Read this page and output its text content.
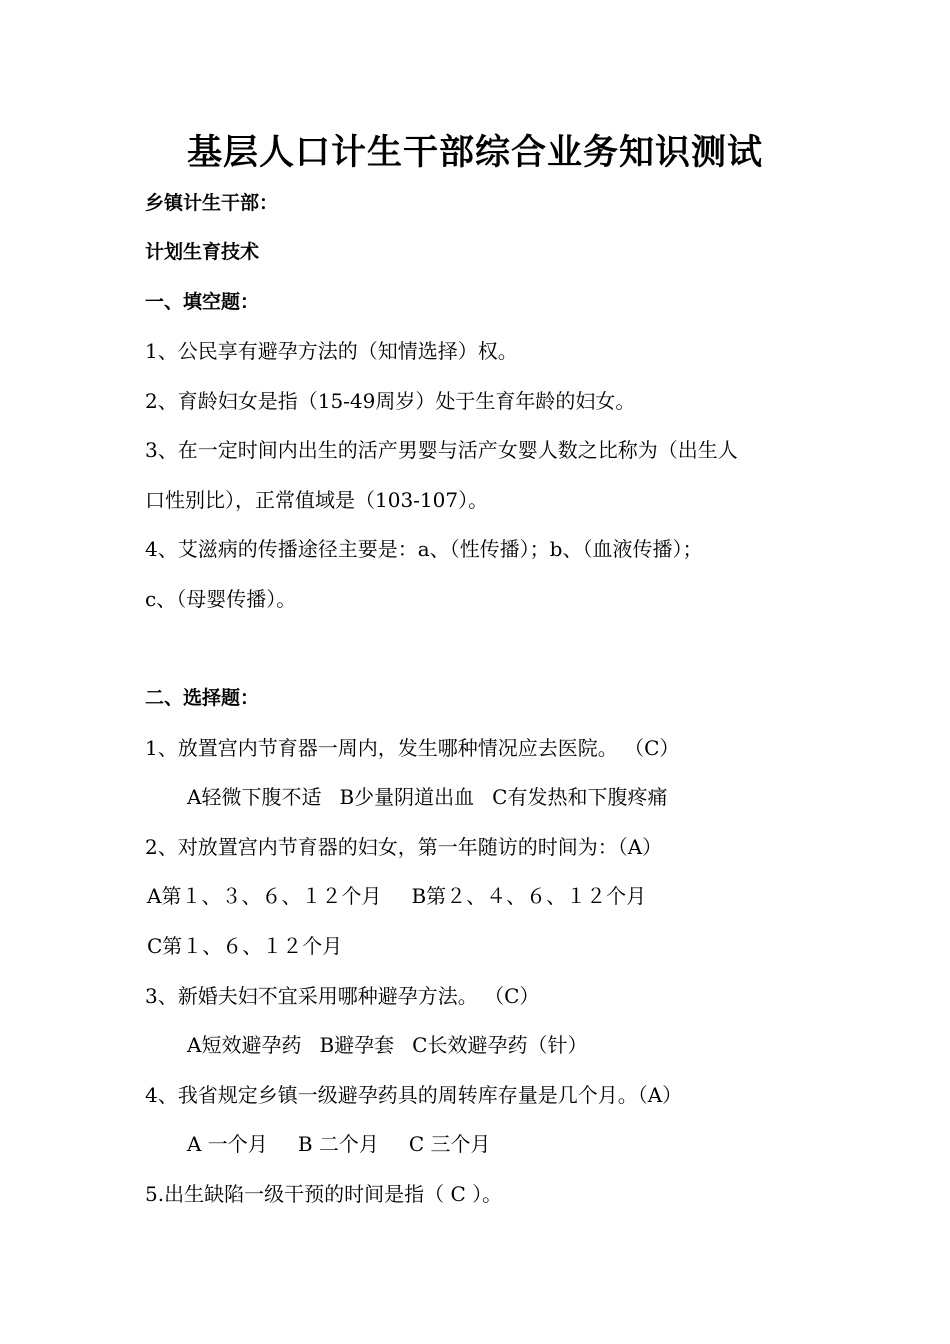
基层人口计生干部综合业务知识测试
乡镇计生干部：
计划生育技术
一、填空题：
1、公民享有避孕方法的（知情选择）权。
2、育龄妇女是指（15-49周岁）处于生育年龄的妇女。
3、在一定时间内出生的活产男婴与活产女婴人数之比称为（出生人
口性别比），正常值域是（103-107）。
4、艾滋病的传播途径主要是：a、（性传播）；b、（血液传播）；
c、（母婴传播）。
二、选择题：
1、放置宫内节育器一周内，发生哪种情况应去医院。 （C）
A轻微下腹不适 B少量阴道出血 C有发热和下腹疼痛
2、对放置宫内节育器的妇女，第一年随访的时间为：（A）
A第１、３、６、１２个月 B第２、４、６、１２个月
C第１、６、１２个月
3、新婚夫妇不宜采用哪种避孕方法。 （C）
A短效避孕药 B避孕套 C长效避孕药（针）
4、我省规定乡镇一级避孕药具的周转库存量是几个月。（A）
A 一个月 B 二个月 C 三个月
5.出生缺陷一级干预的时间是指（ C ）。
